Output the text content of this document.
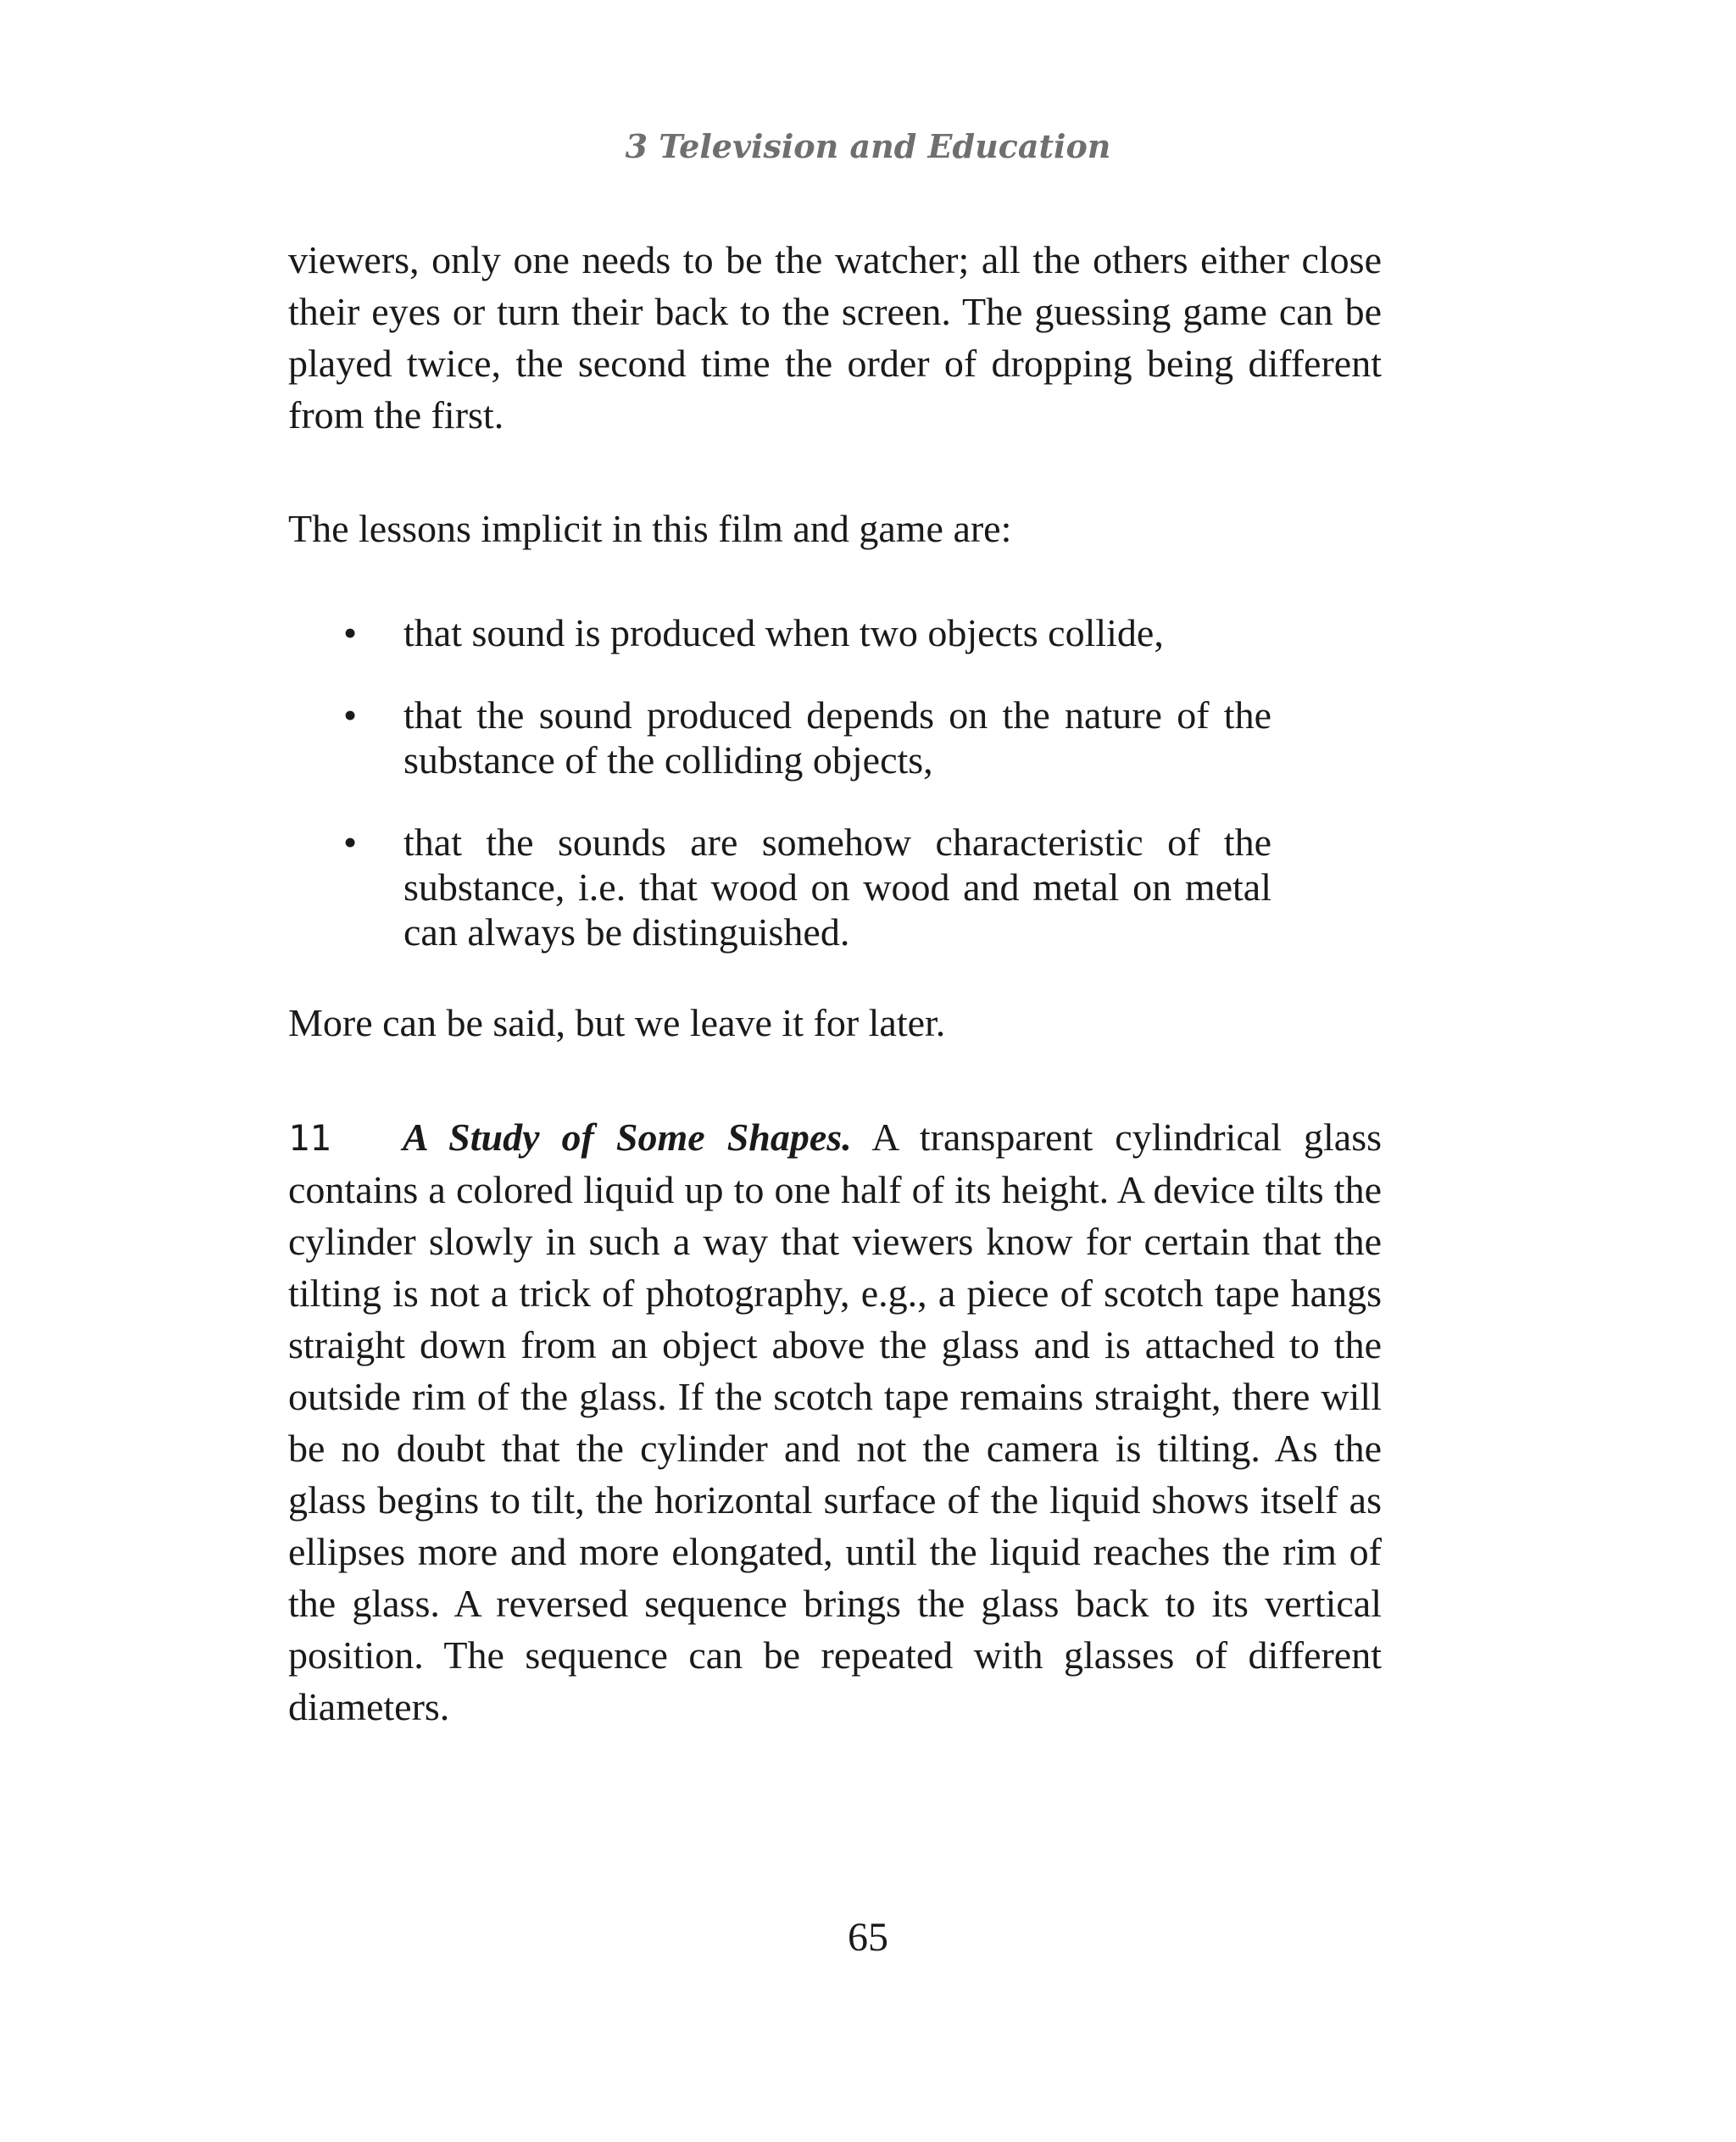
3 Television and Education

viewers, only one needs to be the watcher; all the others either close their eyes or turn their back to the screen. The guessing game can be played twice, the second time the order of dropping being different from the first.

The lessons implicit in this film and game are:

• that sound is produced when two objects collide,
• that the sound produced depends on the nature of the substance of the colliding objects,
• that the sounds are somehow characteristic of the substance, i.e. that wood on wood and metal on metal can always be distinguished.

More can be said, but we leave it for later.

11 A Study of Some Shapes. A transparent cylindrical glass contains a colored liquid up to one half of its height. A device tilts the cylinder slowly in such a way that viewers know for certain that the tilting is not a trick of photography, e.g., a piece of scotch tape hangs straight down from an object above the glass and is attached to the outside rim of the glass. If the scotch tape remains straight, there will be no doubt that the cylinder and not the camera is tilting. As the glass begins to tilt, the horizontal surface of the liquid shows itself as ellipses more and more elongated, until the liquid reaches the rim of the glass. A reversed sequence brings the glass back to its vertical position. The sequence can be repeated with glasses of different diameters.

65
